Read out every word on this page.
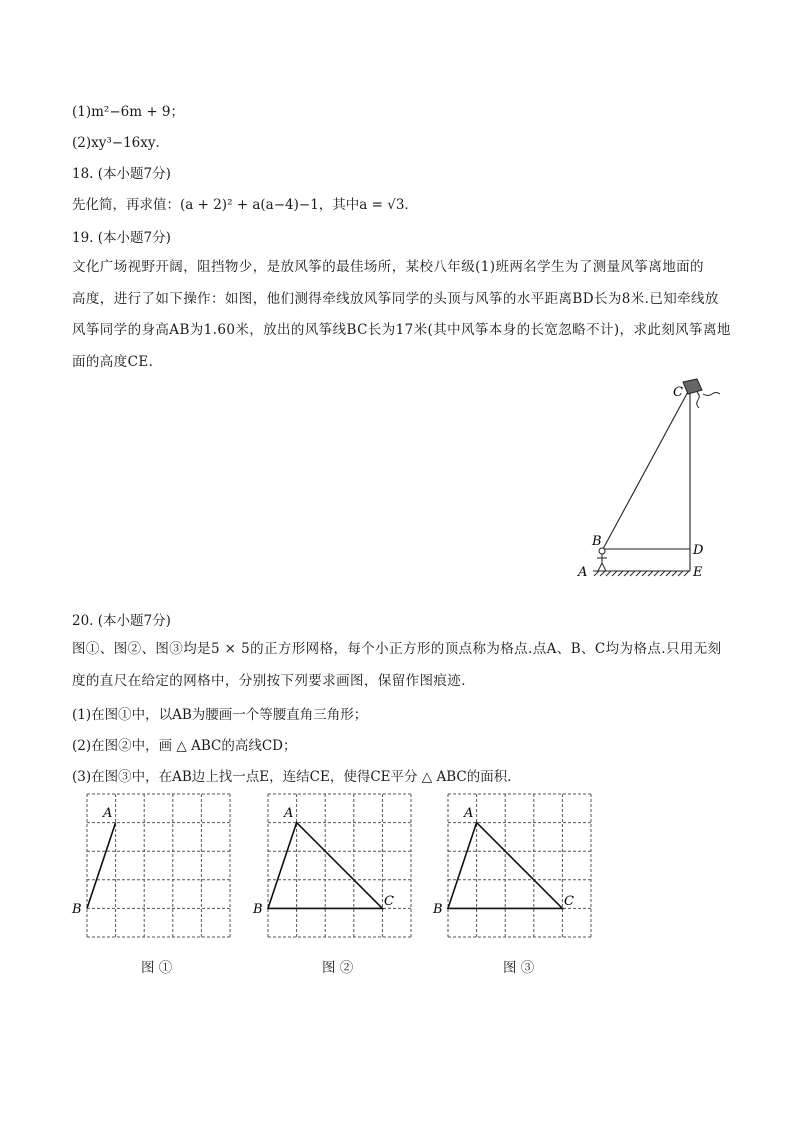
(1)m²−6m + 9；
(2)xy³−16xy．
18. (本小题7分)
先化简，再求值：(a + 2)² + a(a−4)−1，其中a = √3．
19. (本小题7分)
文化广场视野开阔，阻挡物少，是放风筝的最佳场所，某校八年级(1)班两名学生为了测量风筝离地面的
高度，进行了如下操作：如图，他们测得牵线放风筝同学的头顶与风筝的水平距离BD长为8米.已知牵线放
风筝同学的身高AB为1.60米，放出的风筝线BC长为17米(其中风筝本身的长宽忽略不计)，求此刻风筝离地
面的高度CE.
C
B
D
A	E
20. (本小题7分)
图①、图②、图③均是5 × 5的正方形网格，每个小正方形的顶点称为格点.点A、B、C均为格点.只用无刻
度的直尺在给定的网格中，分别按下列要求画图，保留作图痕迹．
(1)在图①中，以AB为腰画一个等腰直角三角形；
(2)在图②中，画 △ ABC的高线CD；
(3)在图③中，在AB边上找一点E，连结CE，使得CE平分 △ ABC的面积．
A
B
图 ①
A
B
C
图 ②
A
B
C
图 ③
